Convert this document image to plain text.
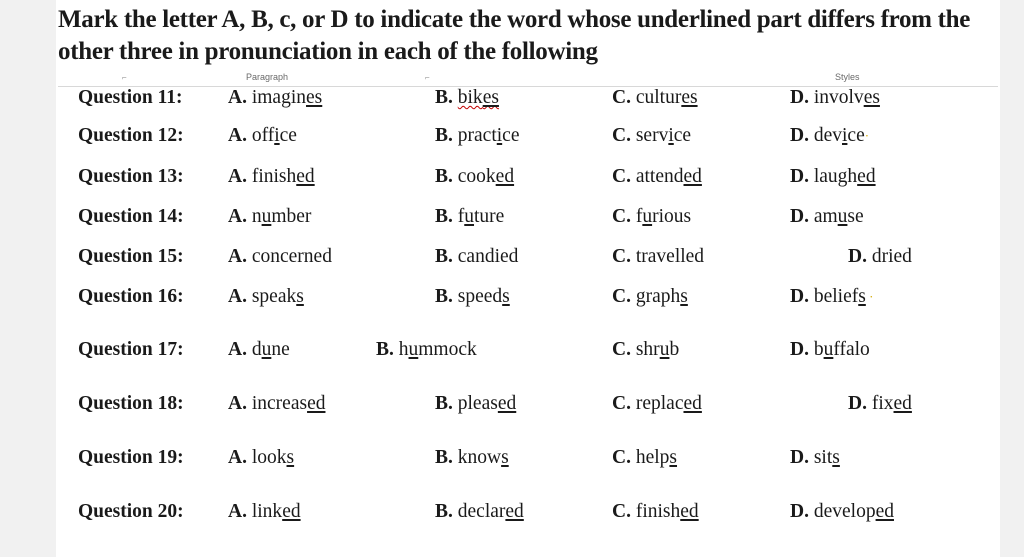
Mark the letter A, B, c, or D to indicate the word whose underlined part differs from the other three in pronunciation in each of the following

Paragraph	Styles
⌐	⌐
Question 11: A. imagines	B. bikes	C. cultures	D. involves
Question 12: A. office	B. practice	C. service	D. device·
Question 13: A. finished	B. cooked	C. attended	D. laughed
Question 14: A. number	B. future	C. furious	D. amuse
Question 15: A. concerned	B. candied	C. travelled	D. dried
Question 16: A. speaks	B. speeds	C. graphs	D. beliefs ·
Question 17: A. dune	B. hummock	C. shrub	D. buffalo
Question 18: A. increased	B. pleased	C. replaced	D. fixed
Question 19: A. looks	B. knows	C. helps	D. sits
Question 20: A. linked	B. declared	C. finished	D. developed
